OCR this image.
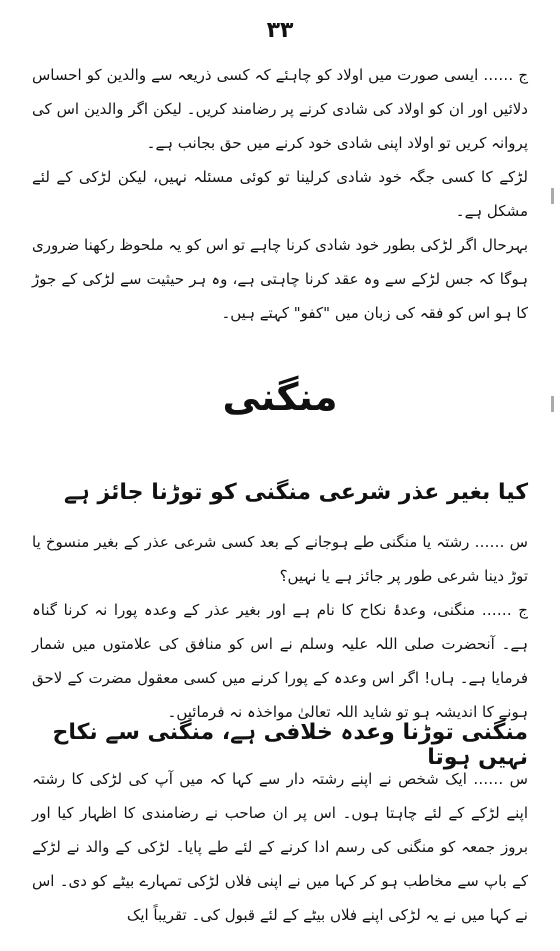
۳۳

ج …… ایسی صورت میں اولاد کو چاہئے کہ کسی ذریعہ سے والدین کو احساس دلائیں اور ان کو اولاد کی شادی کرنے پر رضامند کریں۔ لیکن اگر والدین اس کی پروانہ کریں تو اولاد اپنی شادی خود کرنے میں حق بجانب ہے۔

لڑکے کا کسی جگہ خود شادی کرلینا تو کوئی مسئلہ نہیں، لیکن لڑکی کے لئے مشکل ہے۔

بہرحال اگر لڑکی بطور خود شادی کرنا چاہے تو اس کو یہ ملحوظ رکھنا ضروری ہوگا کہ جس لڑکے سے وہ عقد کرنا چاہتی ہے، وہ ہر حیثیت سے لڑکی کے جوڑ کا ہو اس کو فقہ کی زبان میں "کفو" کہتے ہیں۔

منگنی
کیا بغیر عذر شرعی منگنی کو توڑنا جائز ہے

س …… رشتہ یا منگنی طے ہوجانے کے بعد کسی شرعی عذر کے بغیر منسوخ یا توڑ دینا شرعی طور پر جائز ہے یا نہیں؟

ج …… منگنی، وعدۂ نکاح کا نام ہے اور بغیر عذر کے وعدہ پورا نہ کرنا گناہ ہے۔ آنحضرت صلی اللہ علیہ وسلم نے اس کو منافق کی علامتوں میں شمار فرمایا ہے۔ ہاں! اگر اس وعدہ کے پورا کرنے میں کسی معقول مضرت کے لاحق ہونے کا اندیشہ ہو تو شاید اللہ تعالیٰ مواخذہ نہ فرمائیں۔

منگنی توڑنا وعدہ خلافی ہے، منگنی سے نکاح نہیں ہوتا

س …… ایک شخص نے اپنے رشتہ دار سے کہا کہ میں آپ کی لڑکی کا رشتہ اپنے لڑکے کے لئے چاہتا ہوں۔ اس پر ان صاحب نے رضامندی کا اظہار کیا اور بروز جمعہ کو منگنی کی رسم ادا کرنے کے لئے طے پایا۔ لڑکی کے والد نے لڑکے کے باپ سے مخاطب ہو کر کہا میں نے اپنی فلاں لڑکی تمہارے بیٹے کو دی۔ اس نے کہا میں نے یہ لڑکی اپنے فلاں بیٹے کے لئے قبول کی۔ تقریباً ایک
